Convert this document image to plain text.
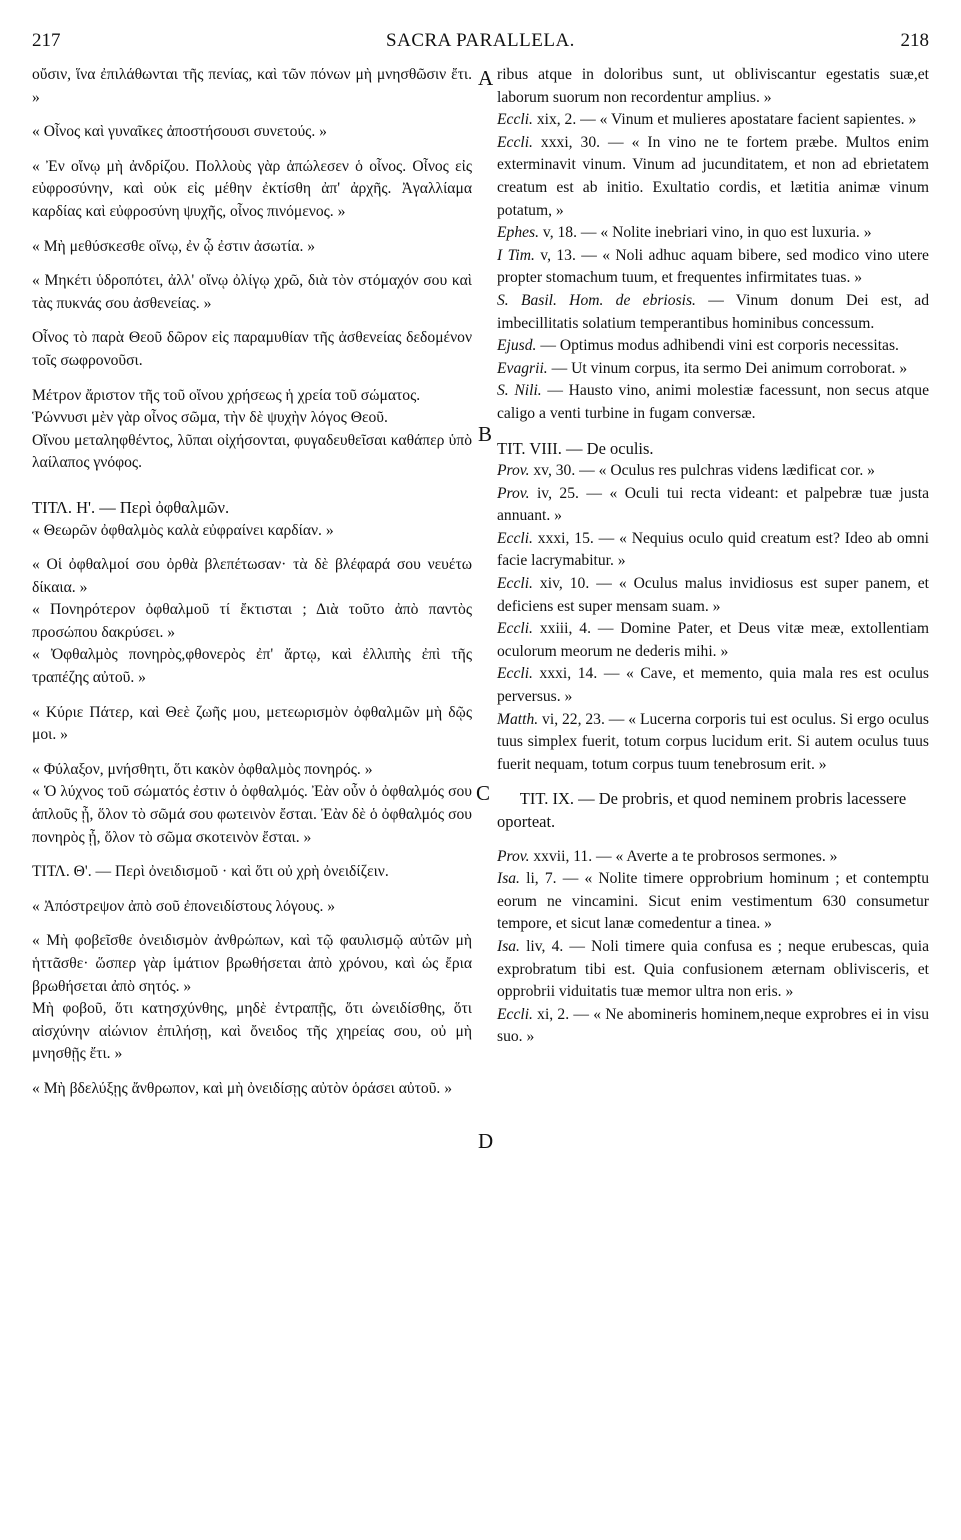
217	SACRA PARALLELA.	218
A
B
C
D

οὔσιν, ἵνα ἐπιλάθωνται τῆς πενίας, καὶ τῶν πόνων μὴ μνησθῶσιν ἔτι. »

« Οἶνος καὶ γυναῖκες ἀποστήσουσι συνετούς. »

« Ἐν οἴνῳ μὴ ἀνδρίζου. Πολλοὺς γὰρ ἀπώλεσεν ὁ οἶνος. Οἶνος εἰς εὐφροσύνην, καὶ οὐκ εἰς μέθην ἐκτίσθη ἀπ' ἀρχῆς. Ἀγαλλίαμα καρδίας καὶ εὐφροσύνη ψυχῆς, οἶνος πινόμενος. »

« Μὴ μεθύσκεσθε οἴνῳ, ἐν ᾧ ἐστιν ἀσωτία. »

« Μηκέτι ὑδροπότει, ἀλλ' οἴνῳ ὀλίγῳ χρῶ, διὰ τὸν στόμαχόν σου καὶ τὰς πυκνάς σου ἀσθενείας. »

Οἶνος τὸ παρὰ Θεοῦ δῶρον εἰς παραμυθίαν τῆς ἀσθενείας δεδομένον τοῖς σωφρονοῦσι.

Μέτρον ἄριστον τῆς τοῦ οἴνου χρήσεως ἡ χρεία τοῦ σώματος.

Ῥώννυσι μὲν γὰρ οἶνος σῶμα, τὴν δὲ ψυχὴν λόγος Θεοῦ.

Οἴνου μεταληφθέντος, λῦπαι οἰχήσονται, φυγαδευθεῖσαι καθάπερ ὑπὸ λαίλαπος γνόφος.

ΤΙΤΛ. Η'. — Περὶ ὀφθαλμῶν.

« Θεωρῶν ὀφθαλμὸς καλὰ εὐφραίνει καρδίαν. »

« Οἱ ὀφθαλμοί σου ὀρθὰ βλεπέτωσαν· τὰ δὲ βλέφαρά σου νευέτω δίκαια. »

« Πονηρότερον ὀφθαλμοῦ τί ἔκτισται ; Διὰ τοῦτο ἀπὸ παντὸς προσώπου δακρύσει. »

« Ὀφθαλμὸς πονηρὸς,φθονερὸς ἐπ' ἄρτῳ, καὶ ἐλλιπὴς ἐπὶ τῆς τραπέζης αὐτοῦ. »

« Κύριε Πάτερ, καὶ Θεὲ ζωῆς μου, μετεωρισμὸν ὀφθαλμῶν μὴ δῷς μοι. »

« Φύλαξον, μνήσθητι, ὅτι κακὸν ὀφθαλμὸς πονηρός. »

« Ὁ λύχνος τοῦ σώματός ἐστιν ὁ ὀφθαλμός. Ἐὰν οὖν ὁ ὀφθαλμός σου ἁπλοῦς ᾖ, ὅλον τὸ σῶμά σου φωτεινὸν ἔσται. Ἐὰν δὲ ὁ ὀφθαλμός σου πονηρὸς ᾖ, ὅλον τὸ σῶμα σκοτεινὸν ἔσται. »

ΤΙΤΛ. Θ'. — Περὶ ὀνειδισμοῦ · καὶ ὅτι οὐ χρὴ ὀνειδίζειν.

« Ἀπόστρεψον ἀπὸ σοῦ ἐπονειδίστους λόγους. »

« Μὴ φοβεῖσθε ὀνειδισμὸν ἀνθρώπων, καὶ τῷ φαυλισμῷ αὐτῶν μὴ ἡττᾶσθε· ὥσπερ γὰρ ἱμάτιον βρωθήσεται ἀπὸ χρόνου, καὶ ὡς ἔρια βρωθήσεται ἀπὸ σητός. »

Μὴ φοβοῦ, ὅτι κατησχύνθης, μηδὲ ἐντραπῇς, ὅτι ὠνειδίσθης, ὅτι αἰσχύνην αἰώνιον ἐπιλήσῃ, καὶ ὄνειδος τῆς χηρείας σου, οὐ μὴ μνησθῇς ἔτι. »

« Μὴ βδελύξῃς ἄνθρωπον, καὶ μὴ ὀνειδίσῃς αὐτὸν ὁράσει αὐτοῦ. »

ribus atque in doloribus sunt, ut obliviscantur egestatis suæ,et laborum suorum non recordentur amplius. »

Eccli. xix, 2. — « Vinum et mulieres apostatare facient sapientes. »

Eccli. xxxi, 30. — « In vino ne te fortem præbe. Multos enim exterminavit vinum. Vinum ad jucunditatem, et non ad ebrietatem creatum est ab initio. Exultatio cordis, et lætitia animæ vinum potatum, »

Ephes. v, 18. — « Nolite inebriari vino, in quo est luxuria. »

I Tim. v, 13. — « Noli adhuc aquam bibere, sed modico vino utere propter stomachum tuum, et frequentes infirmitates tuas. »

S. Basil. Hom. de ebriosis. — Vinum donum Dei est, ad imbecillitatis solatium temperantibus hominibus concessum.

Ejusd. — Optimus modus adhibendi vini est corporis necessitas.

Evagrii. — Ut vinum corpus, ita sermo Dei animum corroborat. »

S. Nili. — Hausto vino, animi molestiæ facessunt, non secus atque caligo a venti turbine in fugam conversæ.

TIT. VIII. — De oculis.

Prov. xv, 30. — « Oculus res pulchras videns lædificat cor. »

Prov. iv, 25. — « Oculi tui recta videant: et palpebræ tuæ justa annuant. »

Eccli. xxxi, 15. — « Nequius oculo quid creatum est? Ideo ab omni facie lacrymabitur. »

Eccli. xiv, 10. — « Oculus malus invidiosus est super panem, et deficiens est super mensam suam. »

Eccli. xxiii, 4. — Domine Pater, et Deus vitæ meæ, extollentiam oculorum meorum ne dederis mihi. »

Eccli. xxxi, 14. — « Cave, et memento, quia mala res est oculus perversus. »

Matth. vi, 22, 23. — « Lucerna corporis tui est oculus. Si ergo oculus tuus simplex fuerit, totum corpus lucidum erit. Si autem oculus tuus fuerit nequam, totum corpus tuum tenebrosum erit. »

TIT. IX. — De probris, et quod neminem probris lacessere oporteat.

Prov. xxvii, 11. — « Averte a te probrosos sermones. »

Isa. li, 7. — « Nolite timere opprobrium hominum ; et contemptu eorum ne vincamini. Sicut enim vestimentum 630 consumetur tempore, et sicut lanæ comedentur a tinea. »

Isa. liv, 4. — Noli timere quia confusa es ; neque erubescas, quia exprobratum tibi est. Quia confusionem æternam oblivisceris, et opprobrii viduitatis tuæ memor ultra non eris. »

Eccli. xi, 2. — « Ne abomineris hominem,neque exprobres ei in visu suo. »
